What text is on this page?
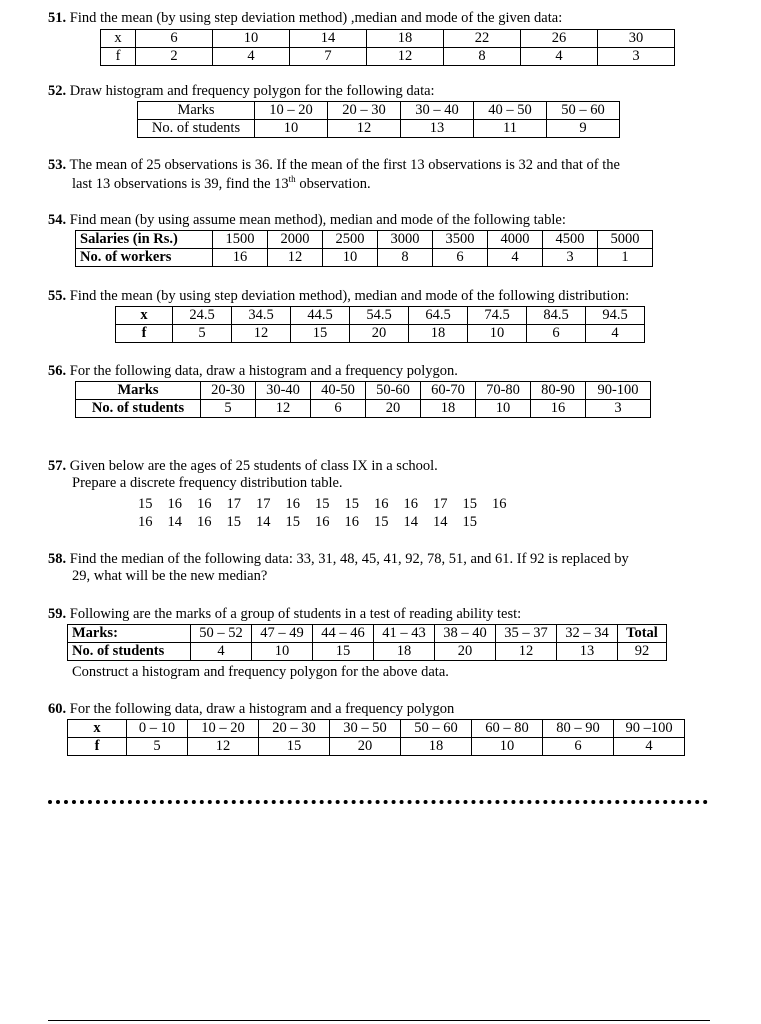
51. Find the mean (by using step deviation method) ,median and mode of the given data:

x	6	10	14	18	22	26	30
f	2	4	7	12	8	4	3

52. Draw histogram and frequency polygon for the following data:

Marks	10 – 20	20 – 30	30 – 40	40 – 50	50 – 60
No. of students	10	12	13	11	9

53. The mean of 25 observations is 36. If the mean of the first 13 observations is 32 and that of the

last 13 observations is 39, find the 13th observation.

54. Find mean (by using assume mean method), median and mode of the following table:

Salaries (in Rs.)	1500	2000	2500	3000	3500	4000	4500	5000
No. of workers	16	12	10	8	6	4	3	1

55. Find the mean (by using step deviation method), median and mode of the following distribution:

x	24.5	34.5	44.5	54.5	64.5	74.5	84.5	94.5
f	5	12	15	20	18	10	6	4

56. For the following data, draw a histogram and a frequency polygon.

Marks	20-30	30-40	40-50	50-60	60-70	70-80	80-90	90-100
No. of students	5	12	6	20	18	10	16	3

57. Given below are the ages of 25 students of class IX in a school.

Prepare a discrete frequency distribution table.

15 16 16 17 17 16 15 15 16 16 17 15 16
16 14 16 15 14 15 16 16 15 14 14 15

58. Find the median of the following data: 33, 31, 48, 45, 41, 92, 78, 51, and 61. If 92 is replaced by

29, what will be the new median?

59. Following are the marks of a group of students in a test of reading ability test:

Marks:	50 – 52	47 – 49	44 – 46	41 – 43	38 – 40	35 – 37	32 – 34	Total
No. of students	4	10	15	18	20	12	13	92

Construct a histogram and frequency polygon for the above data.

60. For the following data, draw a histogram and a frequency polygon

x	0 – 10	10 – 20	20 – 30	30 – 50	50 – 60	60 – 80	80 – 90	90 –100
f	5	12	15	20	18	10	6	4
